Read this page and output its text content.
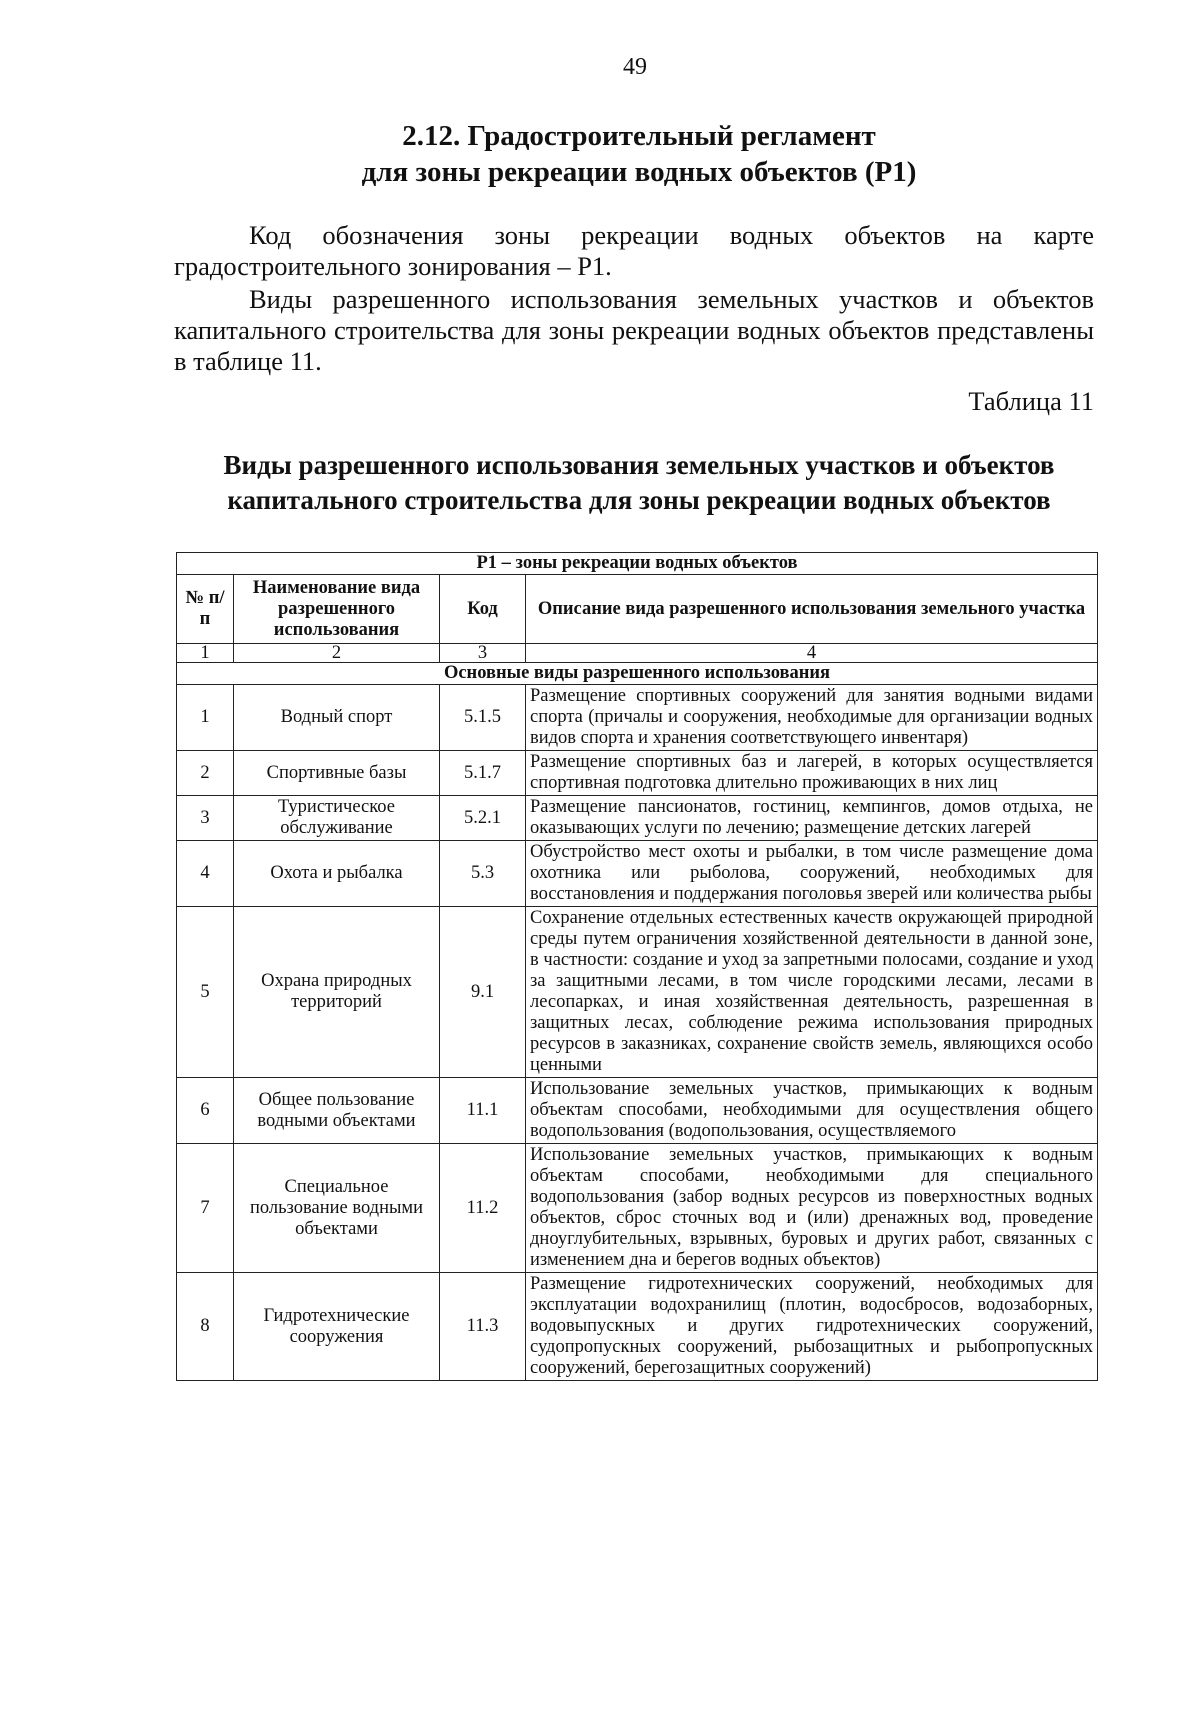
49
2.12. Градостроительный регламент
для зоны рекреации водных объектов (Р1)
Код обозначения зоны рекреации водных объектов на карте
градостроительного зонирования – Р1.
Виды разрешенного использования земельных участков и объектов
капитального строительства для зоны рекреации водных объектов представлены в таблице 11.
Таблица 11
Виды разрешенного использования земельных участков и объектов
капитального строительства для зоны рекреации водных объектов
Р1 – зоны рекреации водных объектов			
№ п/п	Наименование вида разрешенного использования	Код	Описание вида разрешенного использования земельного участка
1	2	3	4
Основные виды разрешенного использования			
1	Водный спорт	5.1.5	Размещение спортивных сооружений для занятия водными видами спорта (причалы и сооружения, необходимые для организации водных видов спорта и хранения соответствующего инвентаря)
2	Спортивные базы	5.1.7	Размещение спортивных баз и лагерей, в которых осуществляется спортивная подготовка длительно проживающих в них лиц
3	Туристическое обслуживание	5.2.1	Размещение пансионатов, гостиниц, кемпингов, домов отдыха, не оказывающих услуги по лечению; размещение детских лагерей
4	Охота и рыбалка	5.3	Обустройство мест охоты и рыбалки, в том числе размещение дома охотника или рыболова, сооружений, необходимых для восстановления и поддержания поголовья зверей или количества рыбы
5	Охрана природных территорий	9.1	Сохранение отдельных естественных качеств окружающей природной среды путем ограничения хозяйственной деятельности в данной зоне, в частности: создание и уход за запретными полосами, создание и уход за защитными лесами, в том числе городскими лесами, лесами в лесопарках, и иная хозяйственная деятельность, разрешенная в защитных лесах, соблюдение режима использования природных ресурсов в заказниках, сохранение свойств земель, являющихся особо ценными
6	Общее пользование водными объектами	11.1	Использование земельных участков, примыкающих к водным объектам способами, необходимыми для осуществления общего водопользования (водопользования, осуществляемого
7	Специальное пользование водными объектами	11.2	Использование земельных участков, примыкающих к водным объектам способами, необходимыми для специального водопользования (забор водных ресурсов из поверхностных водных объектов, сброс сточных вод и (или) дренажных вод, проведение дноуглубительных, взрывных, буровых и других работ, связанных с изменением дна и берегов водных объектов)
8	Гидротехнические сооружения	11.3	Размещение гидротехнических сооружений, необходимых для эксплуатации водохранилищ (плотин, водосбросов, водозаборных, водовыпускных и других гидротехнических сооружений, судопропускных сооружений, рыбозащитных и рыбопропускных сооружений, берегозащитных сооружений)
